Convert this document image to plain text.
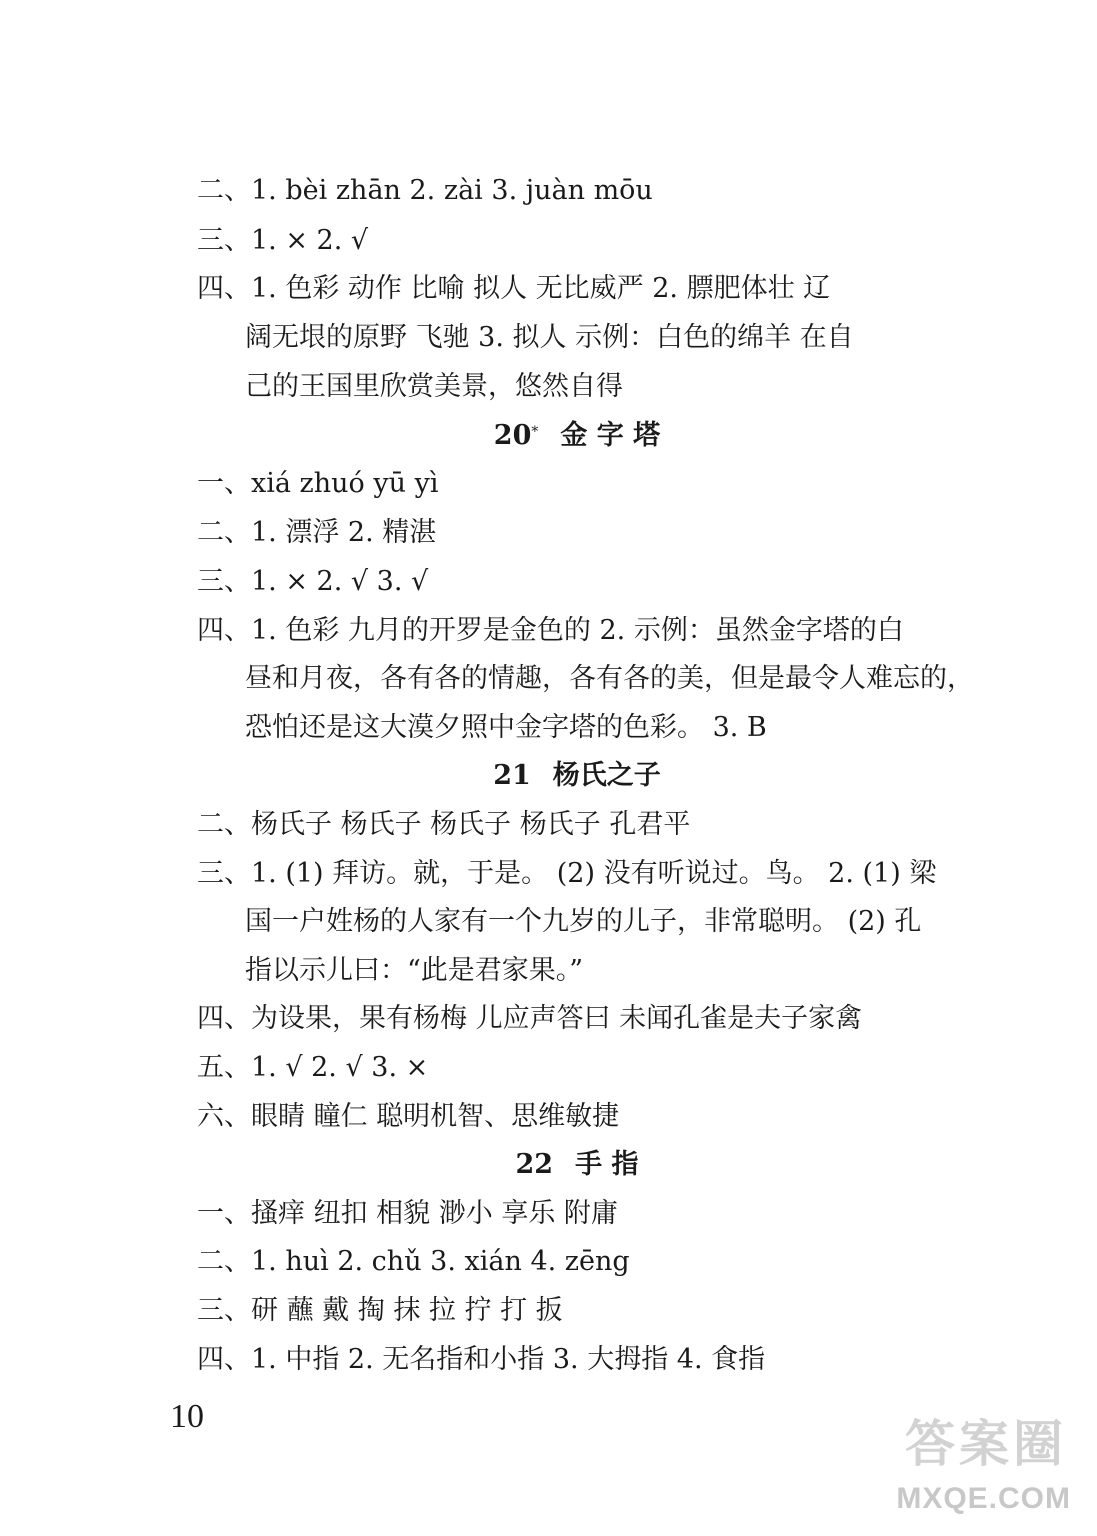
二、1. bèi zhān 2. zài 3. juàn mōu
三、1. × 2. √
四、1. 色彩 动作 比喻 拟人 无比威严 2. 膘肥体壮 辽
阔无垠的原野 飞驰 3. 拟人 示例：白色的绵羊 在自
己的王国里欣赏美景，悠然自得
20* 金 字 塔
一、xiá zhuó yū yì
二、1. 漂浮 2. 精湛
三、1. × 2. √ 3. √
四、1. 色彩 九月的开罗是金色的 2. 示例：虽然金字塔的白
昼和月夜，各有各的情趣，各有各的美，但是最令人难忘的，
恐怕还是这大漠夕照中金字塔的色彩。 3. B
21 杨氏之子
二、杨氏子 杨氏子 杨氏子 杨氏子 孔君平
三、1. (1) 拜访。就，于是。 (2) 没有听说过。鸟。 2. (1) 梁
国一户姓杨的人家有一个九岁的儿子，非常聪明。 (2) 孔
指以示儿曰：“此是君家果。”
四、为设果，果有杨梅 儿应声答曰 未闻孔雀是夫子家禽
五、1. √ 2. √ 3. ×
六、眼睛 瞳仁 聪明机智、思维敏捷
22 手 指
一、搔痒 纽扣 相貌 渺小 享乐 附庸
二、1. huì 2. chǔ 3. xián 4. zēng
三、研 蘸 戴 掏 抹 拉 拧 打 扳
四、1. 中指 2. 无名指和小指 3. 大拇指 4. 食指
10	答案圈
MXQE.COM
